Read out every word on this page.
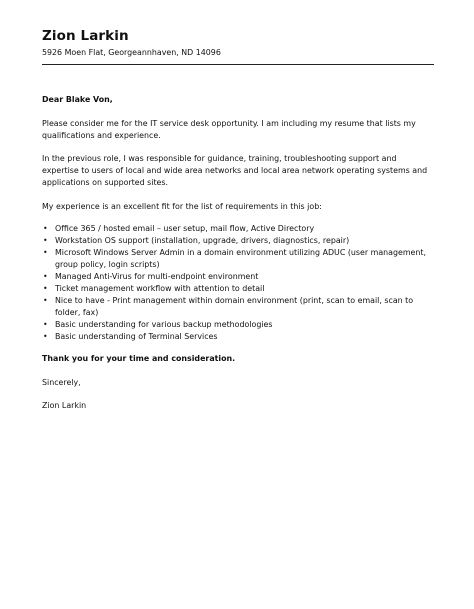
Zion Larkin
5926 Moen Flat, Georgeannhaven, ND 14096

Dear Blake Von,

Please consider me for the IT service desk opportunity. I am including my resume that lists my qualifications and experience.

In the previous role, I was responsible for guidance, training, troubleshooting support and expertise to users of local and wide area networks and local area network operating systems and applications on supported sites.

My experience is an excellent fit for the list of requirements in this job:

• Office 365 / hosted email – user setup, mail flow, Active Directory
• Workstation OS support (installation, upgrade, drivers, diagnostics, repair)
• Microsoft Windows Server Admin in a domain environment utilizing ADUC (user management, group policy, login scripts)
• Managed Anti-Virus for multi-endpoint environment
• Ticket management workflow with attention to detail
• Nice to have - Print management within domain environment (print, scan to email, scan to folder, fax)
• Basic understanding for various backup methodologies
• Basic understanding of Terminal Services

Thank you for your time and consideration.

Sincerely,

Zion Larkin
